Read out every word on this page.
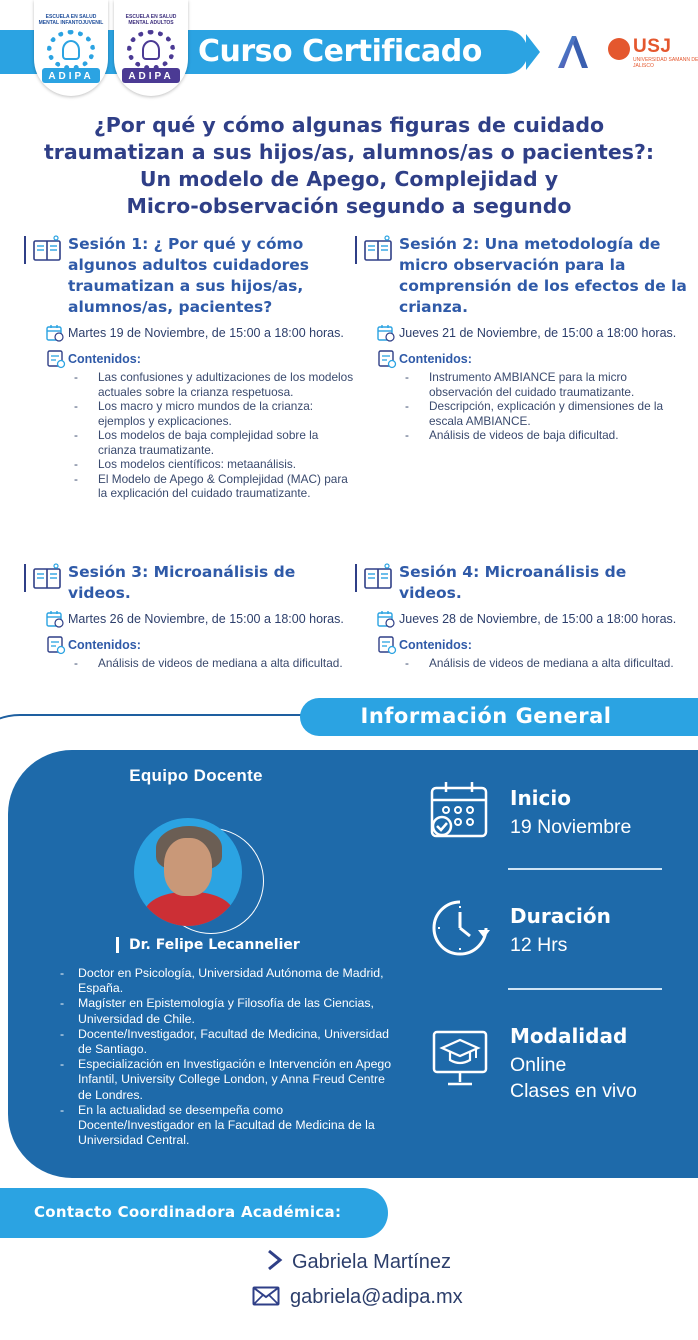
Curso Certificado
ESCUELA EN SALUD MENTAL INFANTOJUVENIL
ADIPA
ESCUELA EN SALUD MENTAL ADULTOS
ADIPA
USJ
UNIVERSIDAD SAMANN DE JALISCO
¿Por qué y cómo algunas figuras de cuidado
traumatizan a sus hijos/as, alumnos/as o pacientes?:
Un modelo de Apego, Complejidad y
Micro-observación segundo a segundo
Sesión 1: ¿ Por qué y cómo algunos adultos cuidadores traumatizan a sus hijos/as, alumnos/as, pacientes?
Martes 19 de Noviembre, de 15:00 a 18:00 horas.
Contenidos:
- Las confusiones y adultizaciones de los modelos actuales sobre la crianza respetuosa.
- Los macro y micro mundos de la crianza: ejemplos y explicaciones.
- Los modelos de baja complejidad sobre la crianza traumatizante.
- Los modelos científicos: metaanálisis.
- El Modelo de Apego & Complejidad (MAC) para la explicación del cuidado traumatizante.
Sesión 2: Una metodología de micro observación para la comprensión de los efectos de la crianza.
Jueves 21 de Noviembre, de 15:00 a 18:00 horas.
Contenidos:
- Instrumento AMBIANCE para la micro observación del cuidado traumatizante.
- Descripción, explicación y dimensiones de la escala AMBIANCE.
- Análisis de videos de baja dificultad.
Sesión 3: Microanálisis de videos.
Martes 26 de Noviembre, de 15:00 a 18:00 horas.
Contenidos:
- Análisis de videos de mediana a alta dificultad.
Sesión 4: Microanálisis de videos.
Jueves 28 de Noviembre, de 15:00 a 18:00 horas.
Contenidos:
- Análisis de videos de mediana a alta dificultad.
Información General
Equipo Docente
Dr. Felipe Lecannelier
- Doctor en Psicología, Universidad Autónoma de Madrid, España.
- Magíster en Epistemología y Filosofía de las Ciencias, Universidad de Chile.
- Docente/Investigador, Facultad de Medicina, Universidad de Santiago.
- Especialización en Investigación e Intervención en Apego Infantil, University College London, y Anna Freud Centre de Londres.
- En la actualidad se desempeña como Docente/Investigador en la Facultad de Medicina de la Universidad Central.
Inicio
19 Noviembre
Duración
12 Hrs
Modalidad
Online
Clases en vivo
Contacto Coordinadora Académica:
Gabriela Martínez
gabriela@adipa.mx
